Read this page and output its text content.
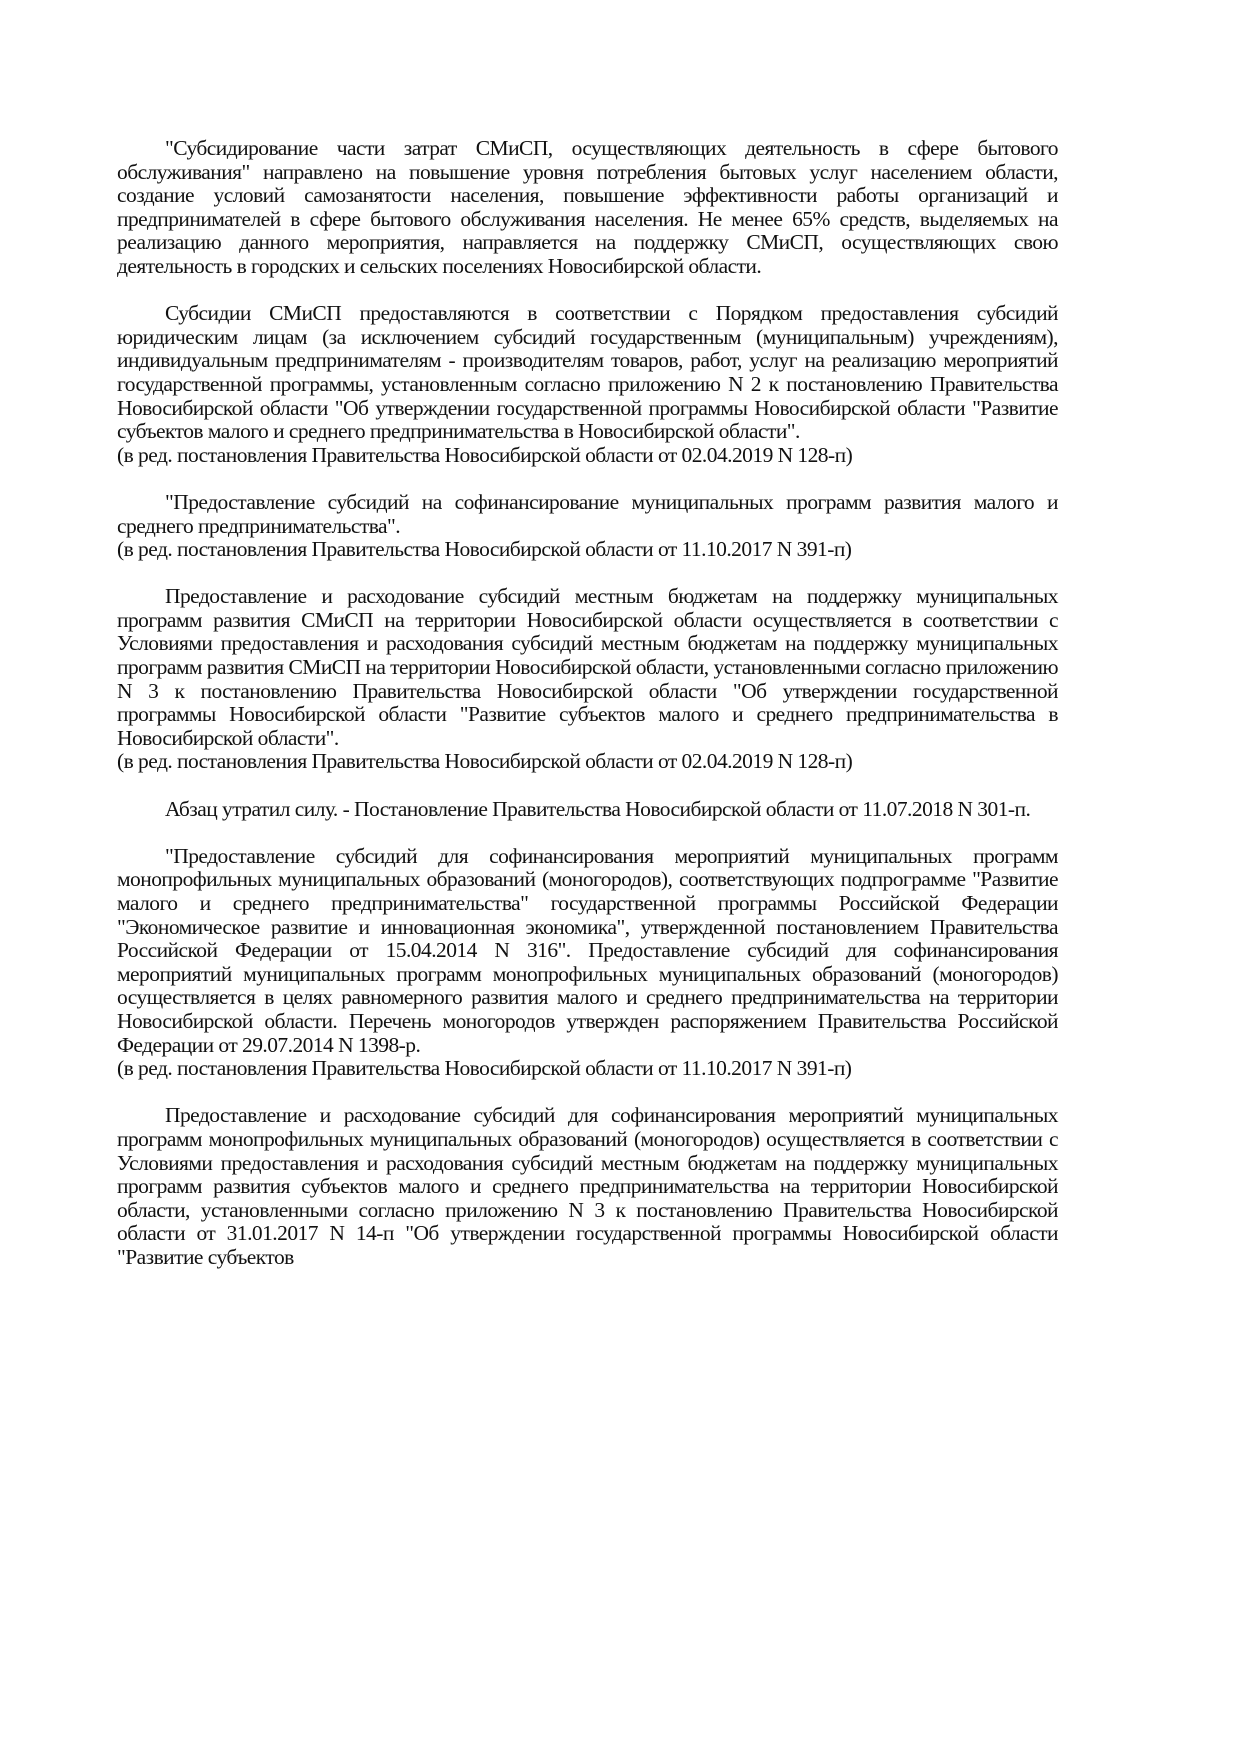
"Субсидирование части затрат СМиСП, осуществляющих деятельность в сфере бытового обслуживания" направлено на повышение уровня потребления бытовых услуг населением области, создание условий самозанятости населения, повышение эффективности работы организаций и предпринимателей в сфере бытового обслуживания населения. Не менее 65% средств, выделяемых на реализацию данного мероприятия, направляется на поддержку СМиСП, осуществляющих свою деятельность в городских и сельских поселениях Новосибирской области.

Субсидии СМиСП предоставляются в соответствии с Порядком предоставления субсидий юридическим лицам (за исключением субсидий государственным (муниципальным) учреждениям), индивидуальным предпринимателям - производителям товаров, работ, услуг на реализацию мероприятий государственной программы, установленным согласно приложению N 2 к постановлению Правительства Новосибирской области "Об утверждении государственной программы Новосибирской области "Развитие субъектов малого и среднего предпринимательства в Новосибирской области".

(в ред. постановления Правительства Новосибирской области от 02.04.2019 N 128-п)

"Предоставление субсидий на софинансирование муниципальных программ развития малого и среднего предпринимательства".

(в ред. постановления Правительства Новосибирской области от 11.10.2017 N 391-п)

Предоставление и расходование субсидий местным бюджетам на поддержку муниципальных программ развития СМиСП на территории Новосибирской области осуществляется в соответствии с Условиями предоставления и расходования субсидий местным бюджетам на поддержку муниципальных программ развития СМиСП на территории Новосибирской области, установленными согласно приложению N 3 к постановлению Правительства Новосибирской области "Об утверждении государственной программы Новосибирской области "Развитие субъектов малого и среднего предпринимательства в Новосибирской области".

(в ред. постановления Правительства Новосибирской области от 02.04.2019 N 128-п)

Абзац утратил силу. - Постановление Правительства Новосибирской области от 11.07.2018 N 301-п.

"Предоставление субсидий для софинансирования мероприятий муниципальных программ монопрофильных муниципальных образований (моногородов), соответствующих подпрограмме "Развитие малого и среднего предпринимательства" государственной программы Российской Федерации "Экономическое развитие и инновационная экономика", утвержденной постановлением Правительства Российской Федерации от 15.04.2014 N 316". Предоставление субсидий для софинансирования мероприятий муниципальных программ монопрофильных муниципальных образований (моногородов) осуществляется в целях равномерного развития малого и среднего предпринимательства на территории Новосибирской области. Перечень моногородов утвержден распоряжением Правительства Российской Федерации от 29.07.2014 N 1398-р.

(в ред. постановления Правительства Новосибирской области от 11.10.2017 N 391-п)

Предоставление и расходование субсидий для софинансирования мероприятий муниципальных программ монопрофильных муниципальных образований (моногородов) осуществляется в соответствии с Условиями предоставления и расходования субсидий местным бюджетам на поддержку муниципальных программ развития субъектов малого и среднего предпринимательства на территории Новосибирской области, установленными согласно приложению N 3 к постановлению Правительства Новосибирской области от 31.01.2017 N 14-п "Об утверждении государственной программы Новосибирской области "Развитие субъектов
